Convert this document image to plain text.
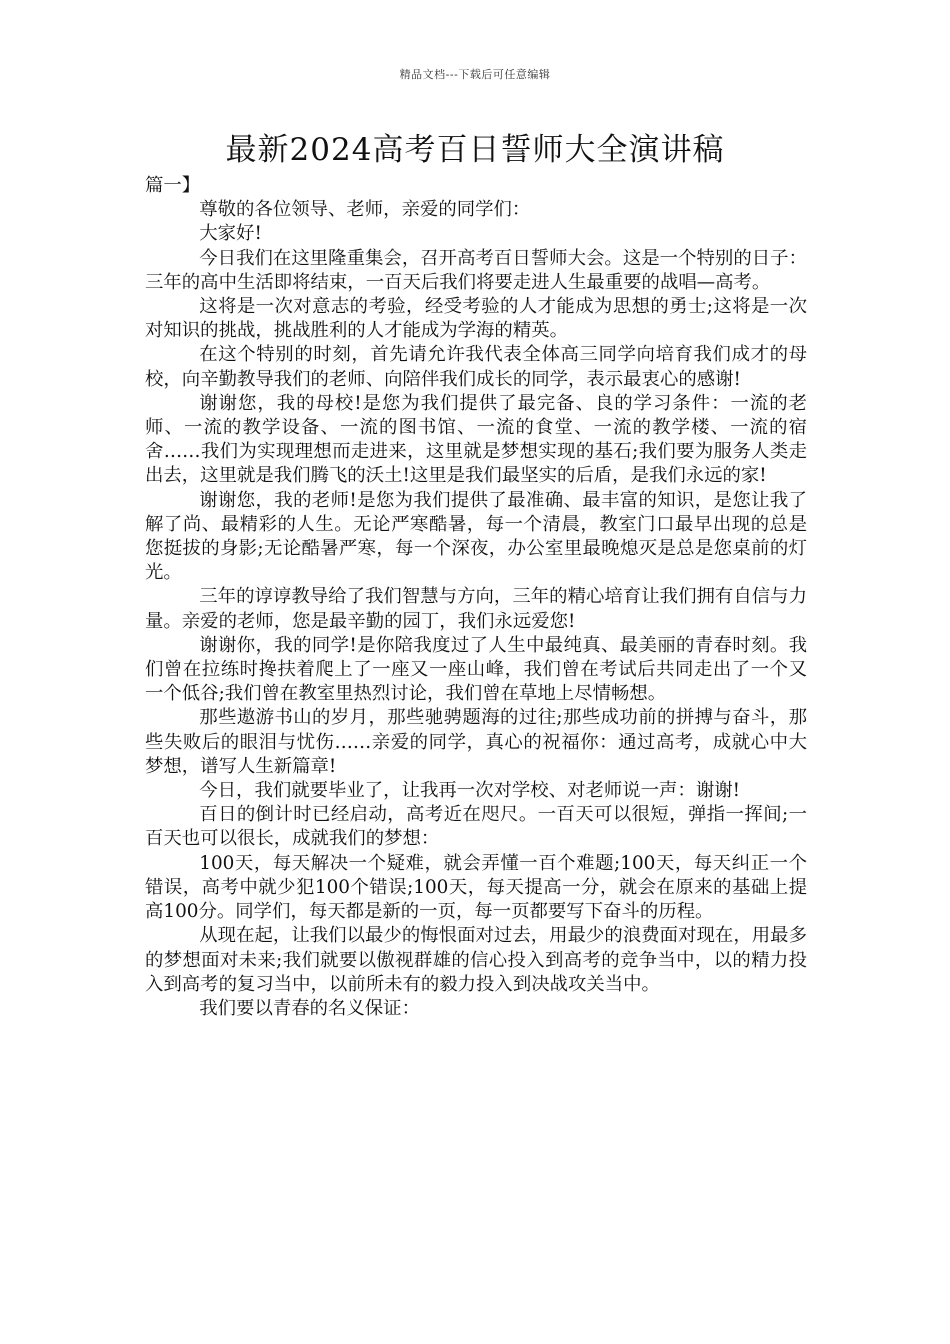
精品文档---下载后可任意编辑
最新2024高考百日誓师大全演讲稿

篇一】

尊敬的各位领导、老师，亲爱的同学们：

大家好!

今日我们在这里隆重集会，召开高考百日誓师大会。这是一个特别的日子：三年的高中生活即将结束，一百天后我们将要走进人生最重要的战唱—高考。

这将是一次对意志的考验，经受考验的人才能成为思想的勇士;这将是一次对知识的挑战，挑战胜利的人才能成为学海的精英。

在这个特别的时刻，首先请允许我代表全体高三同学向培育我们成才的母校，向辛勤教导我们的老师、向陪伴我们成长的同学，表示最衷心的感谢!

谢谢您，我的母校!是您为我们提供了最完备、良的学习条件：一流的老师、一流的教学设备、一流的图书馆、一流的食堂、一流的教学楼、一流的宿舍……我们为实现理想而走进来，这里就是梦想实现的基石;我们要为服务人类走出去，这里就是我们腾飞的沃土!这里是我们最坚实的后盾，是我们永远的家!

谢谢您，我的老师!是您为我们提供了最准确、最丰富的知识，是您让我了解了尚、最精彩的人生。无论严寒酷暑，每一个清晨，教室门口最早出现的总是您挺拔的身影;无论酷暑严寒，每一个深夜，办公室里最晚熄灭是总是您桌前的灯光。

三年的谆谆教导给了我们智慧与方向，三年的精心培育让我们拥有自信与力量。亲爱的老师，您是最辛勤的园丁，我们永远爱您!

谢谢你，我的同学!是你陪我度过了人生中最纯真、最美丽的青春时刻。我们曾在拉练时搀扶着爬上了一座又一座山峰，我们曾在考试后共同走出了一个又一个低谷;我们曾在教室里热烈讨论，我们曾在草地上尽情畅想。

那些遨游书山的岁月，那些驰骋题海的过往;那些成功前的拼搏与奋斗，那些失败后的眼泪与忧伤……亲爱的同学，真心的祝福你：通过高考，成就心中大梦想，谱写人生新篇章!

今日，我们就要毕业了，让我再一次对学校、对老师说一声：谢谢!

百日的倒计时已经启动，高考近在咫尺。一百天可以很短，弹指一挥间;一百天也可以很长，成就我们的梦想：

100天，每天解决一个疑难，就会弄懂一百个难题;100天，每天纠正一个错误，高考中就少犯100个错误;100天，每天提高一分，就会在原来的基础上提高100分。同学们，每天都是新的一页，每一页都要写下奋斗的历程。

从现在起，让我们以最少的悔恨面对过去，用最少的浪费面对现在，用最多的梦想面对未来;我们就要以傲视群雄的信心投入到高考的竞争当中，以的精力投入到高考的复习当中，以前所未有的毅力投入到决战攻关当中。

我们要以青春的名义保证：
